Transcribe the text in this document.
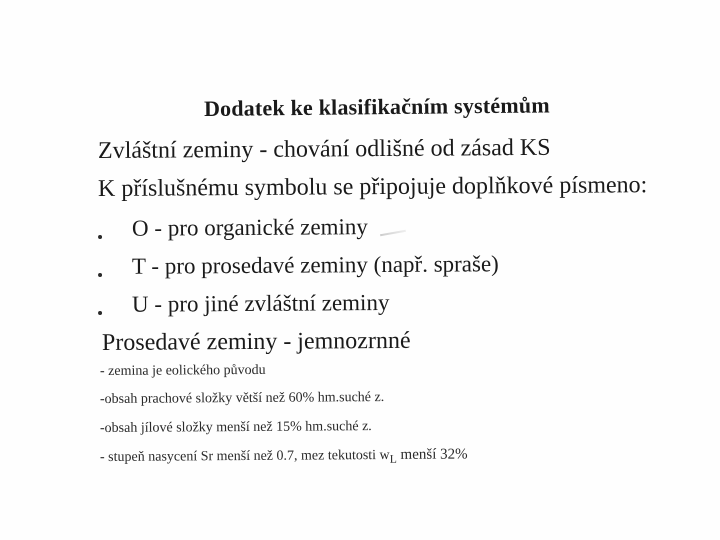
Dodatek ke klasifikačním systémům
Zvláštní zeminy - chování odlišné od zásad KS
K příslušnému symbolu se připojuje doplňkové písmeno:
O - pro organické zeminy
T - pro prosedavé zeminy (např. spraše)
U - pro jiné zvláštní zeminy
Prosedavé zeminy - jemnozrnné
- zemina je eolického původu
-obsah prachové složky větší než 60% hm.suché z.
-obsah jílové složky menší než 15% hm.suché z.
- stupeň nasycení Sr menší než 0.7, mez tekutosti $w_L$ menší 32%
